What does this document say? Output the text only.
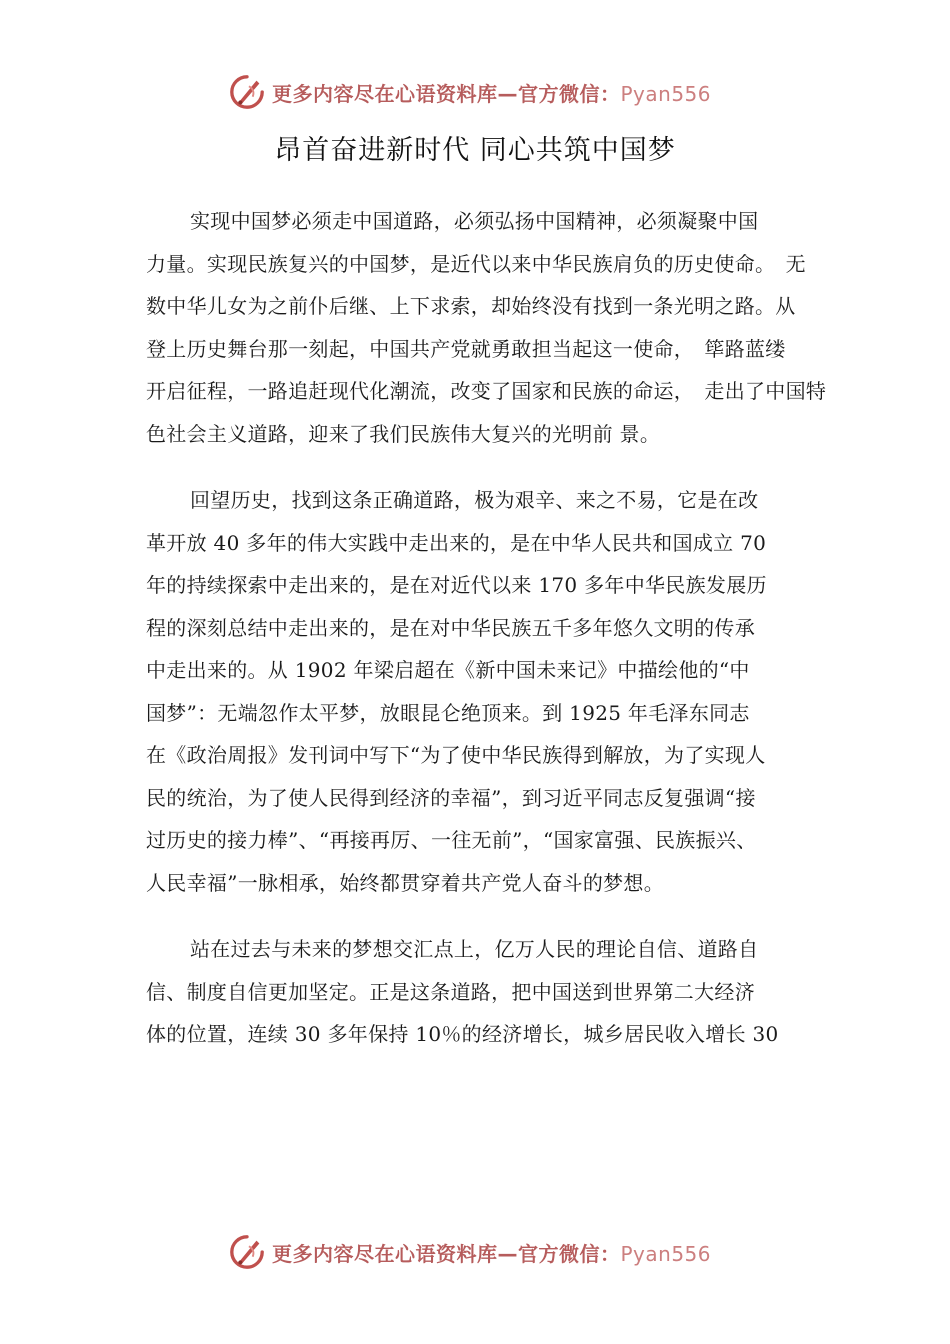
更多内容尽在心语资料库—官方微信：Pyan556
昂首奋进新时代 同心共筑中国梦
实现中国梦必须走中国道路，必须弘扬中国精神，必须凝聚中国
力量。实现民族复兴的中国梦，是近代以来中华民族肩负的历史使命。　无
数中华儿女为之前仆后继、上下求索，却始终没有找到一条光明之路。从
登上历史舞台那一刻起，中国共产党就勇敢担当起这一使命，　筚路蓝缕
开启征程，一路追赶现代化潮流，改变了国家和民族的命运，　走出了中国特
色社会主义道路，迎来了我们民族伟大复兴的光明前 景。
回望历史，找到这条正确道路，极为艰辛、来之不易，它是在改
革开放 40 多年的伟大实践中走出来的，是在中华人民共和国成立 70
年的持续探索中走出来的，是在对近代以来 170 多年中华民族发展历
程的深刻总结中走出来的，是在对中华民族五千多年悠久文明的传承
中走出来的。从 1902 年梁启超在《新中国未来记》中描绘他的“中
国梦”：无端忽作太平梦，放眼昆仑绝顶来。到 1925 年毛泽东同志
在《政治周报》发刊词中写下“为了使中华民族得到解放，为了实现人
民的统治，为了使人民得到经济的幸福”，到习近平同志反复强调“接
过历史的接力棒”、“再接再厉、一往无前”，“国家富强、民族振兴、
人民幸福”一脉相承，始终都贯穿着共产党人奋斗的梦想。
站在过去与未来的梦想交汇点上，亿万人民的理论自信、道路自
信、制度自信更加坚定。正是这条道路，把中国送到世界第二大经济
体的位置，连续 30 多年保持 10％的经济增长，城乡居民收入增长 30
更多内容尽在心语资料库—官方微信：Pyan556
